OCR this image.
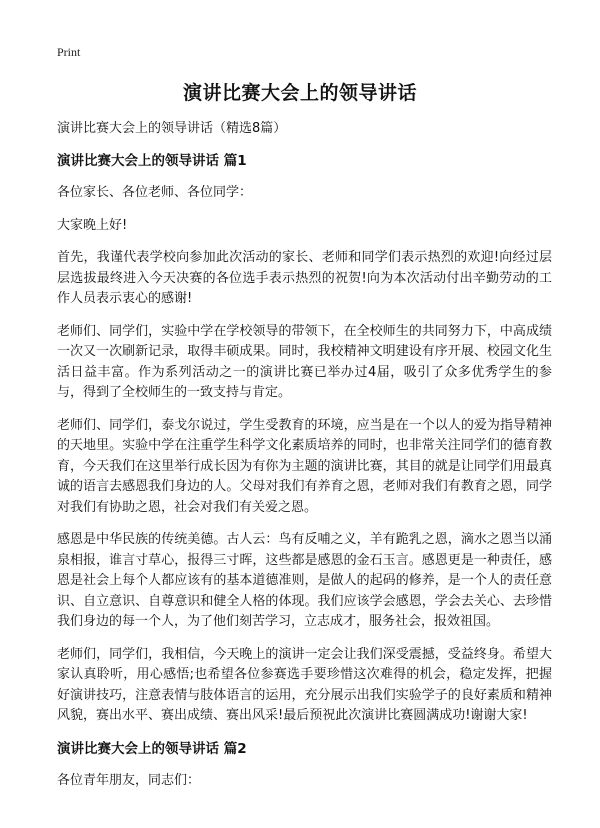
Print
演讲比赛大会上的领导讲话
演讲比赛大会上的领导讲话（精选8篇）
演讲比赛大会上的领导讲话 篇1

各位家长、各位老师、各位同学：

大家晚上好!

首先，我谨代表学校向参加此次活动的家长、老师和同学们表示热烈的欢迎!向经过层层选拔最终进入今天决赛的各位选手表示热烈的祝贺!向为本次活动付出辛勤劳动的工作人员表示衷心的感谢!

老师们、同学们，实验中学在学校领导的带领下，在全校师生的共同努力下，中高成绩一次又一次刷新记录，取得丰硕成果。同时，我校精神文明建设有序开展、校园文化生活日益丰富。作为系列活动之一的演讲比赛已举办过4届，吸引了众多优秀学生的参与，得到了全校师生的一致支持与肯定。

老师们、同学们，泰戈尔说过，学生受教育的环境，应当是在一个以人的爱为指导精神的天地里。实验中学在注重学生科学文化素质培养的同时，也非常关注同学们的德育教育，今天我们在这里举行成长因为有你为主题的演讲比赛，其目的就是让同学们用最真诚的语言去感恩我们身边的人。父母对我们有养育之恩，老师对我们有教育之恩，同学对我们有协助之恩，社会对我们有关爱之恩。

感恩是中华民族的传统美德。古人云：鸟有反哺之义，羊有跪乳之恩，滴水之恩当以涌泉相报，谁言寸草心，报得三寸晖，这些都是感恩的金石玉言。感恩更是一种责任，感恩是社会上每个人都应该有的基本道德准则，是做人的起码的修养，是一个人的责任意识、自立意识、自尊意识和健全人格的体现。我们应该学会感恩，学会去关心、去珍惜我们身边的每一个人，为了他们刻苦学习，立志成才，服务社会，报效祖国。

老师们，同学们，我相信，今天晚上的演讲一定会让我们深受震撼，受益终身。希望大家认真聆听，用心感悟;也希望各位参赛选手要珍惜这次难得的机会，稳定发挥，把握好演讲技巧，注意表情与肢体语言的运用，充分展示出我们实验学子的良好素质和精神风貌，赛出水平、赛出成绩、赛出风采!最后预祝此次演讲比赛圆满成功!谢谢大家!

演讲比赛大会上的领导讲话 篇2

各位青年朋友，同志们：
